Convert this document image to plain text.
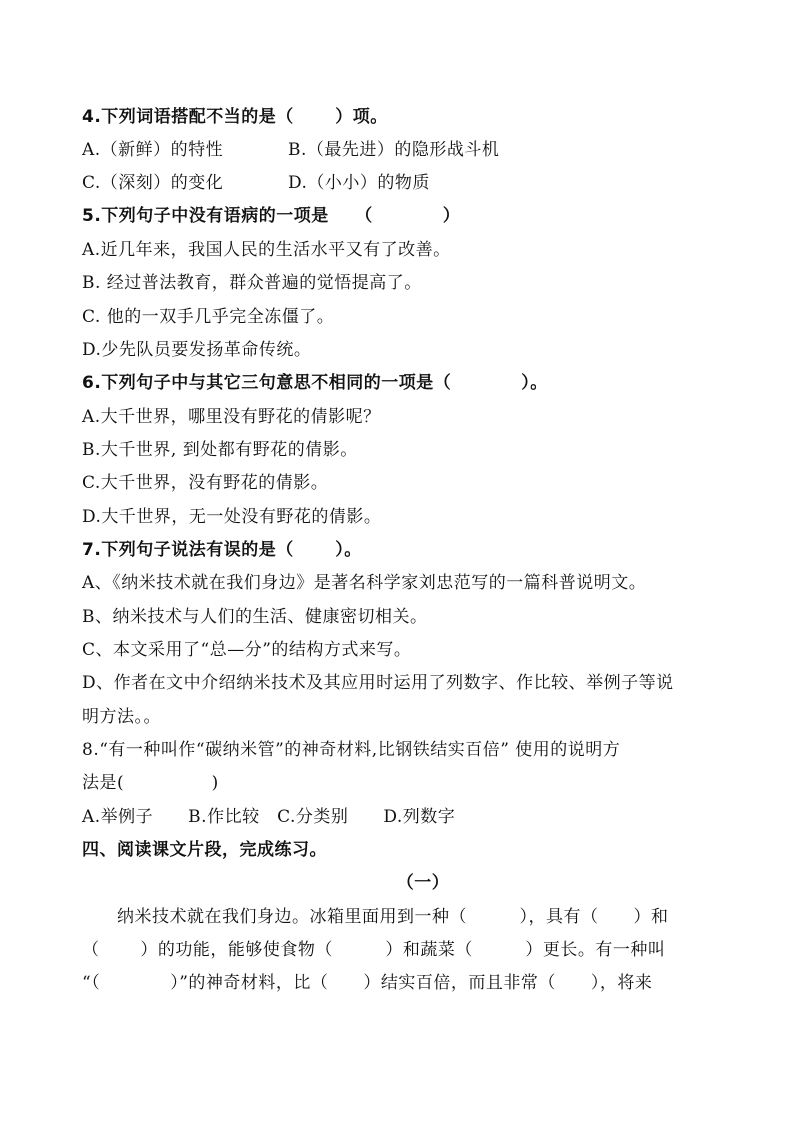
4.下列词语搭配不当的是（　　 ）项。
A.（新鲜）的特性	B.（最先进）的隐形战斗机
C.（深刻）的变化	D.（小小）的物质
5.下列句子中没有语病的一项是　　（　　　　）
A.近几年来，我国人民的生活水平又有了改善。
B. 经过普法教育，群众普遍的觉悟提高了。
C. 他的一双手几乎完全冻僵了。
D.少先队员要发扬革命传统。
6.下列句子中与其它三句意思不相同的一项是（　　　　）。
A.大千世界，哪里没有野花的倩影呢？
B.大千世界, 到处都有野花的倩影。
C.大千世界，没有野花的倩影。
D.大千世界，无一处没有野花的倩影。
7.下列句子说法有误的是（　　 ）。
A、《纳米技术就在我们身边》是著名科学家刘忠范写的一篇科普说明文。
B、纳米技术与人们的生活、健康密切相关。
C、本文采用了“总—分”的结构方式来写。
D、作者在文中介绍纳米技术及其应用时运用了列数字、作比较、举例子等说
明方法。。
8.“有一种叫作“碳纳米管”的神奇材料,比钢铁结实百倍” 使用的说明方
法是(　　　　　)
A.举例子　　B.作比较　C.分类别　　D.列数字
四、阅读课文片段，完成练习。
（一）
　　纳米技术就在我们身边。冰箱里面用到一种（　　　），具有（　　）和
（　　 ）的功能，能够使食物（　　　）和蔬菜（　　　）更长。有一种叫
“（　　　　）”的神奇材料，比（　　）结实百倍，而且非常（　　），将来
